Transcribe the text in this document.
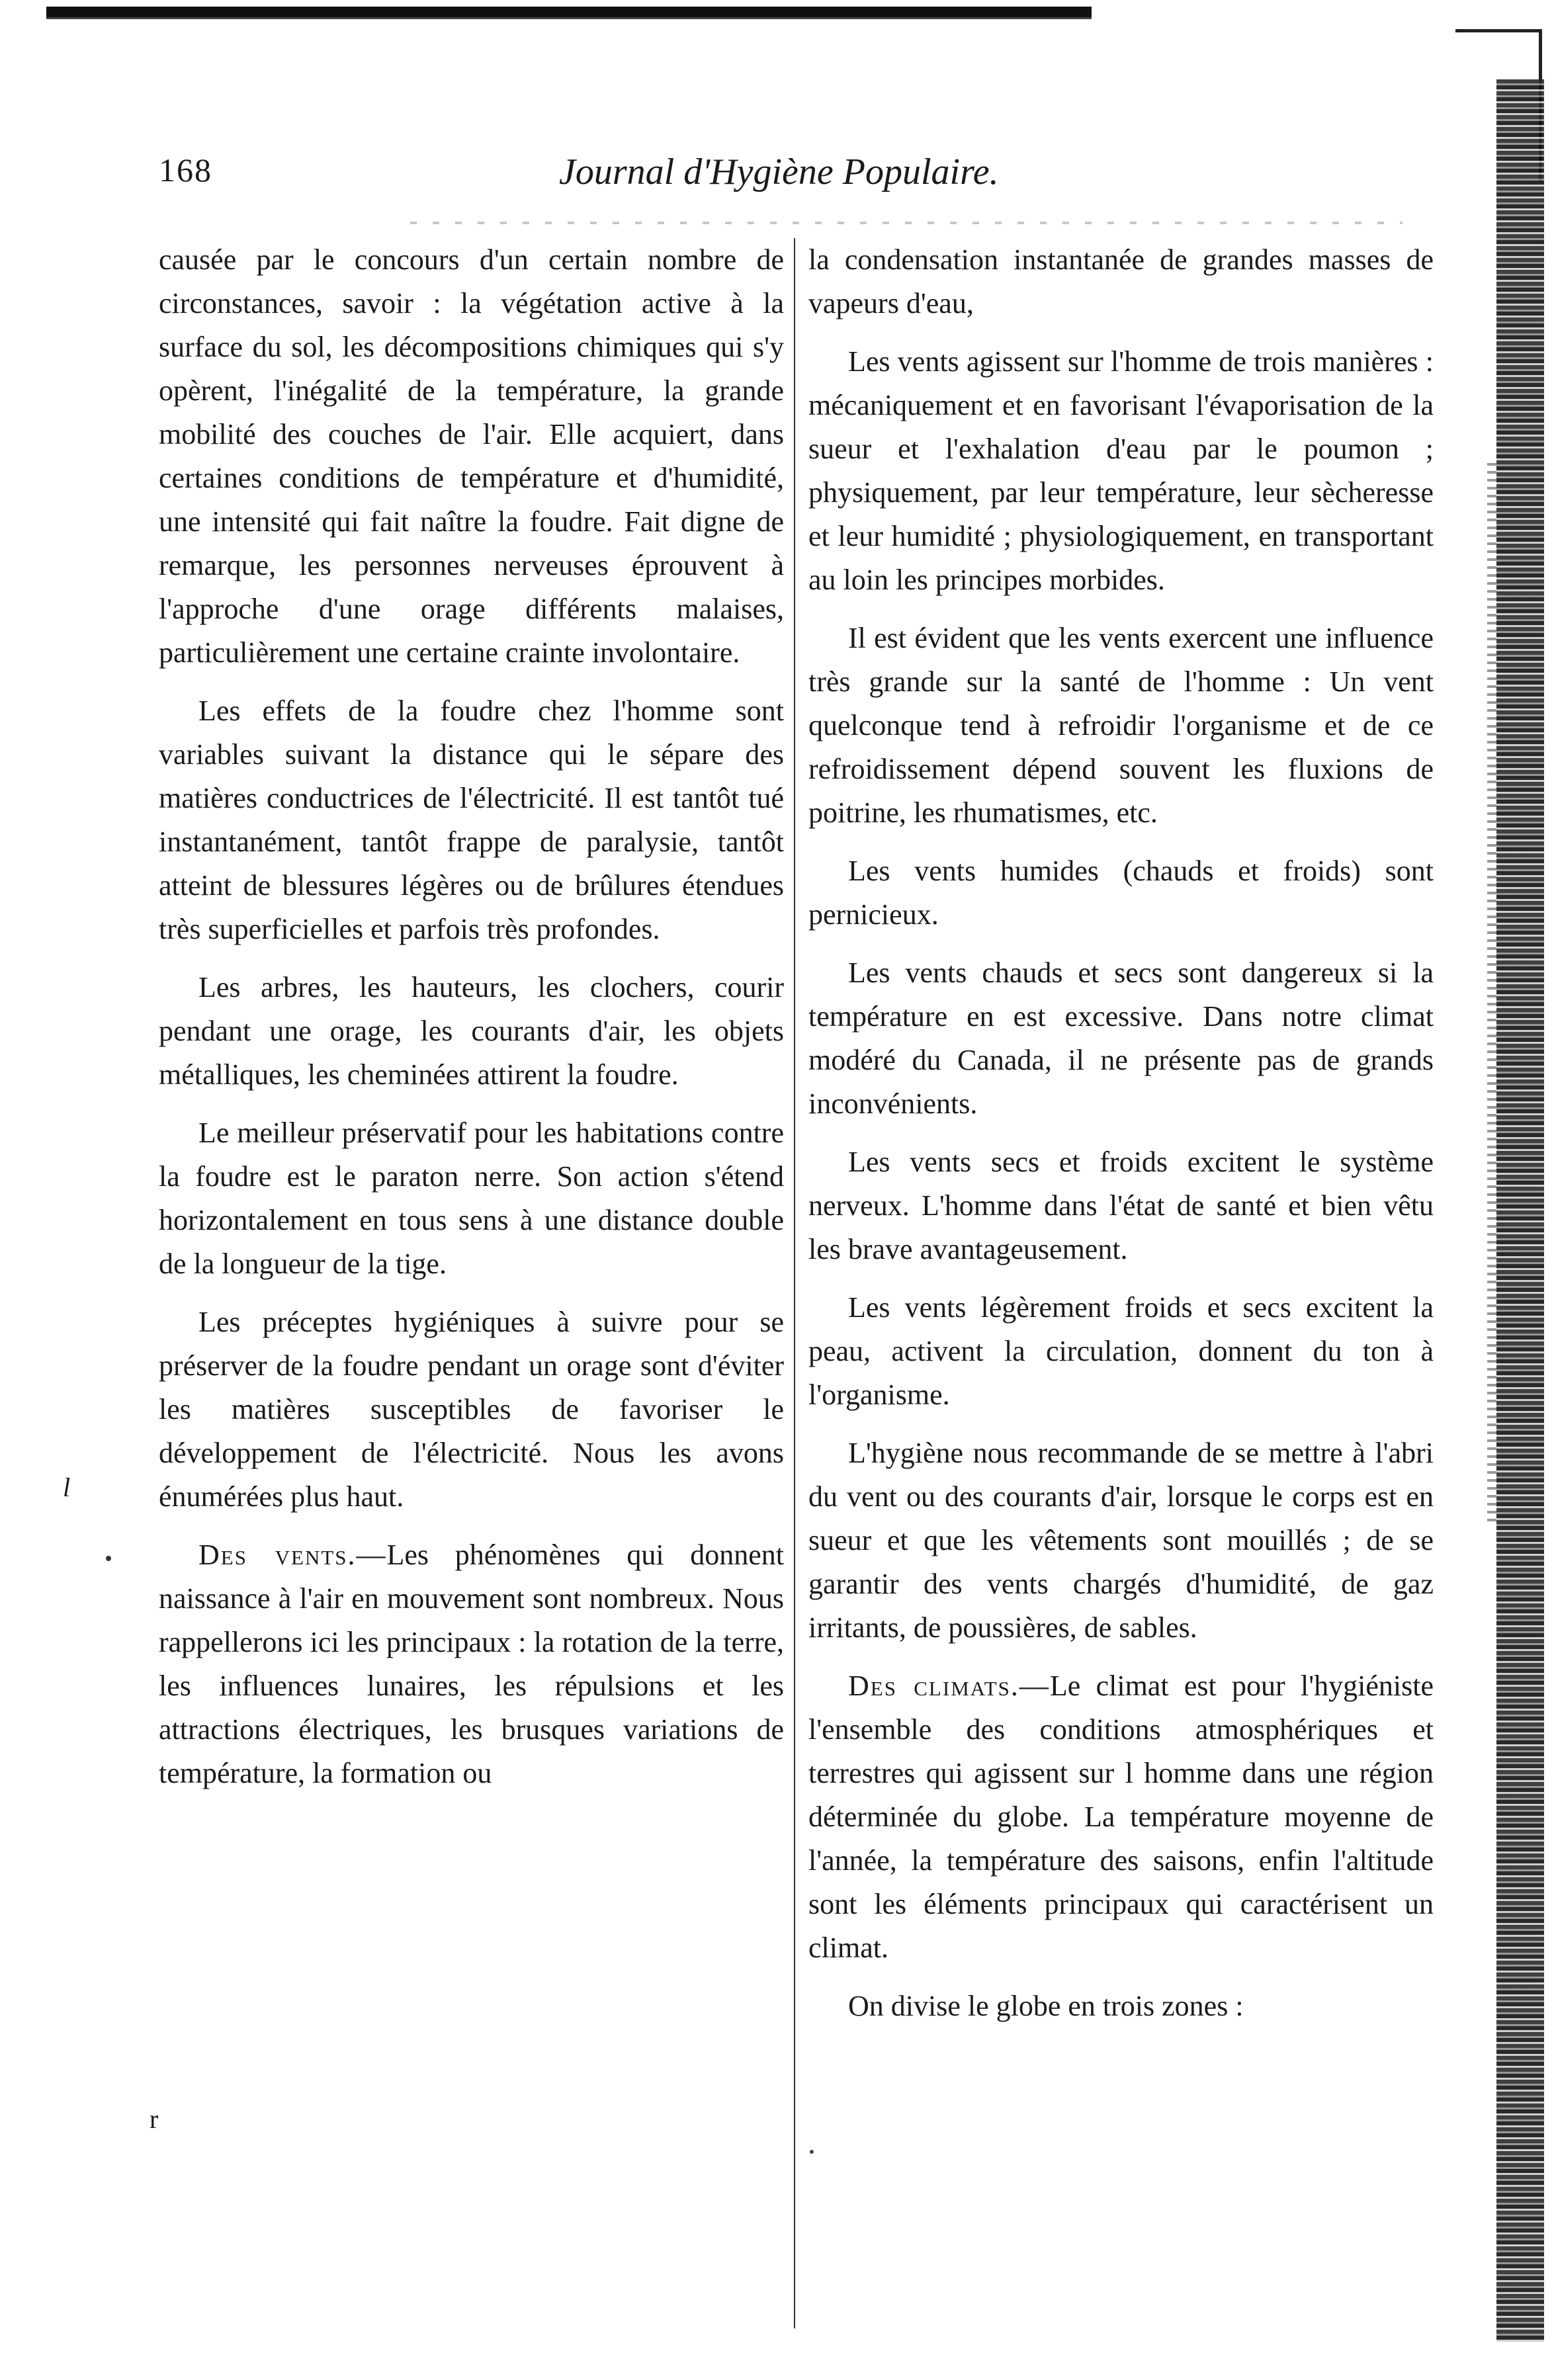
168	Journal d'Hygiène Populaire.

causée par le concours d'un certain nombre de circonstances, savoir : la végétation active à la surface du sol, les décompositions chimiques qui s'y opèrent, l'inégalité de la température, la grande mobilité des couches de l'air. Elle acquiert, dans certaines conditions de température et d'humidité, une intensité qui fait naître la foudre. Fait digne de remarque, les personnes nerveuses éprouvent à l'approche d'une orage différents malaises, particulièrement une certaine crainte involontaire.

Les effets de la foudre chez l'homme sont variables suivant la distance qui le sépare des matières conductrices de l'électricité. Il est tantôt tué instantanément, tantôt frappe de paralysie, tantôt atteint de blessures légères ou de brûlures étendues très superficielles et parfois très profondes.

Les arbres, les hauteurs, les clochers, courir pendant une orage, les courants d'air, les objets métalliques, les cheminées attirent la foudre.

Le meilleur préservatif pour les habitations contre la foudre est le paraton nerre. Son action s'étend horizontalement en tous sens à une distance double de la longueur de la tige.

Les préceptes hygiéniques à suivre pour se préserver de la foudre pendant un orage sont d'éviter les matières susceptibles de favoriser le développement de l'électricité. Nous les avons énumérées plus haut.

Des vents.—Les phénomènes qui donnent naissance à l'air en mouvement sont nombreux. Nous rappellerons ici les principaux : la rotation de la terre, les influences lunaires, les répulsions et les attractions électriques, les brusques variations de température, la formation ou

la condensation instantanée de grandes masses de vapeurs d'eau,

Les vents agissent sur l'homme de trois manières : mécaniquement et en favorisant l'évaporisation de la sueur et l'exhalation d'eau par le poumon ; physiquement, par leur température, leur sècheresse et leur humidité ; physiologiquement, en transportant au loin les principes morbides.

Il est évident que les vents exercent une influence très grande sur la santé de l'homme : Un vent quelconque tend à refroidir l'organisme et de ce refroidissement dépend souvent les fluxions de poitrine, les rhumatismes, etc.

Les vents humides (chauds et froids) sont pernicieux.

Les vents chauds et secs sont dangereux si la température en est excessive. Dans notre climat modéré du Canada, il ne présente pas de grands inconvénients.

Les vents secs et froids excitent le système nerveux. L'homme dans l'état de santé et bien vêtu les brave avantageusement.

Les vents légèrement froids et secs excitent la peau, activent la circulation, donnent du ton à l'organisme.

L'hygiène nous recommande de se mettre à l'abri du vent ou des courants d'air, lorsque le corps est en sueur et que les vêtements sont mouillés ; de se garantir des vents chargés d'humidité, de gaz irritants, de poussières, de sables.

Des climats.—Le climat est pour l'hygiéniste l'ensemble des conditions atmosphériques et terrestres qui agissent sur l homme dans une région déterminée du globe. La température moyenne de l'année, la température des saisons, enfin l'altitude sont les éléments principaux qui caractérisent un climat.

On divise le globe en trois zones :

l
r
